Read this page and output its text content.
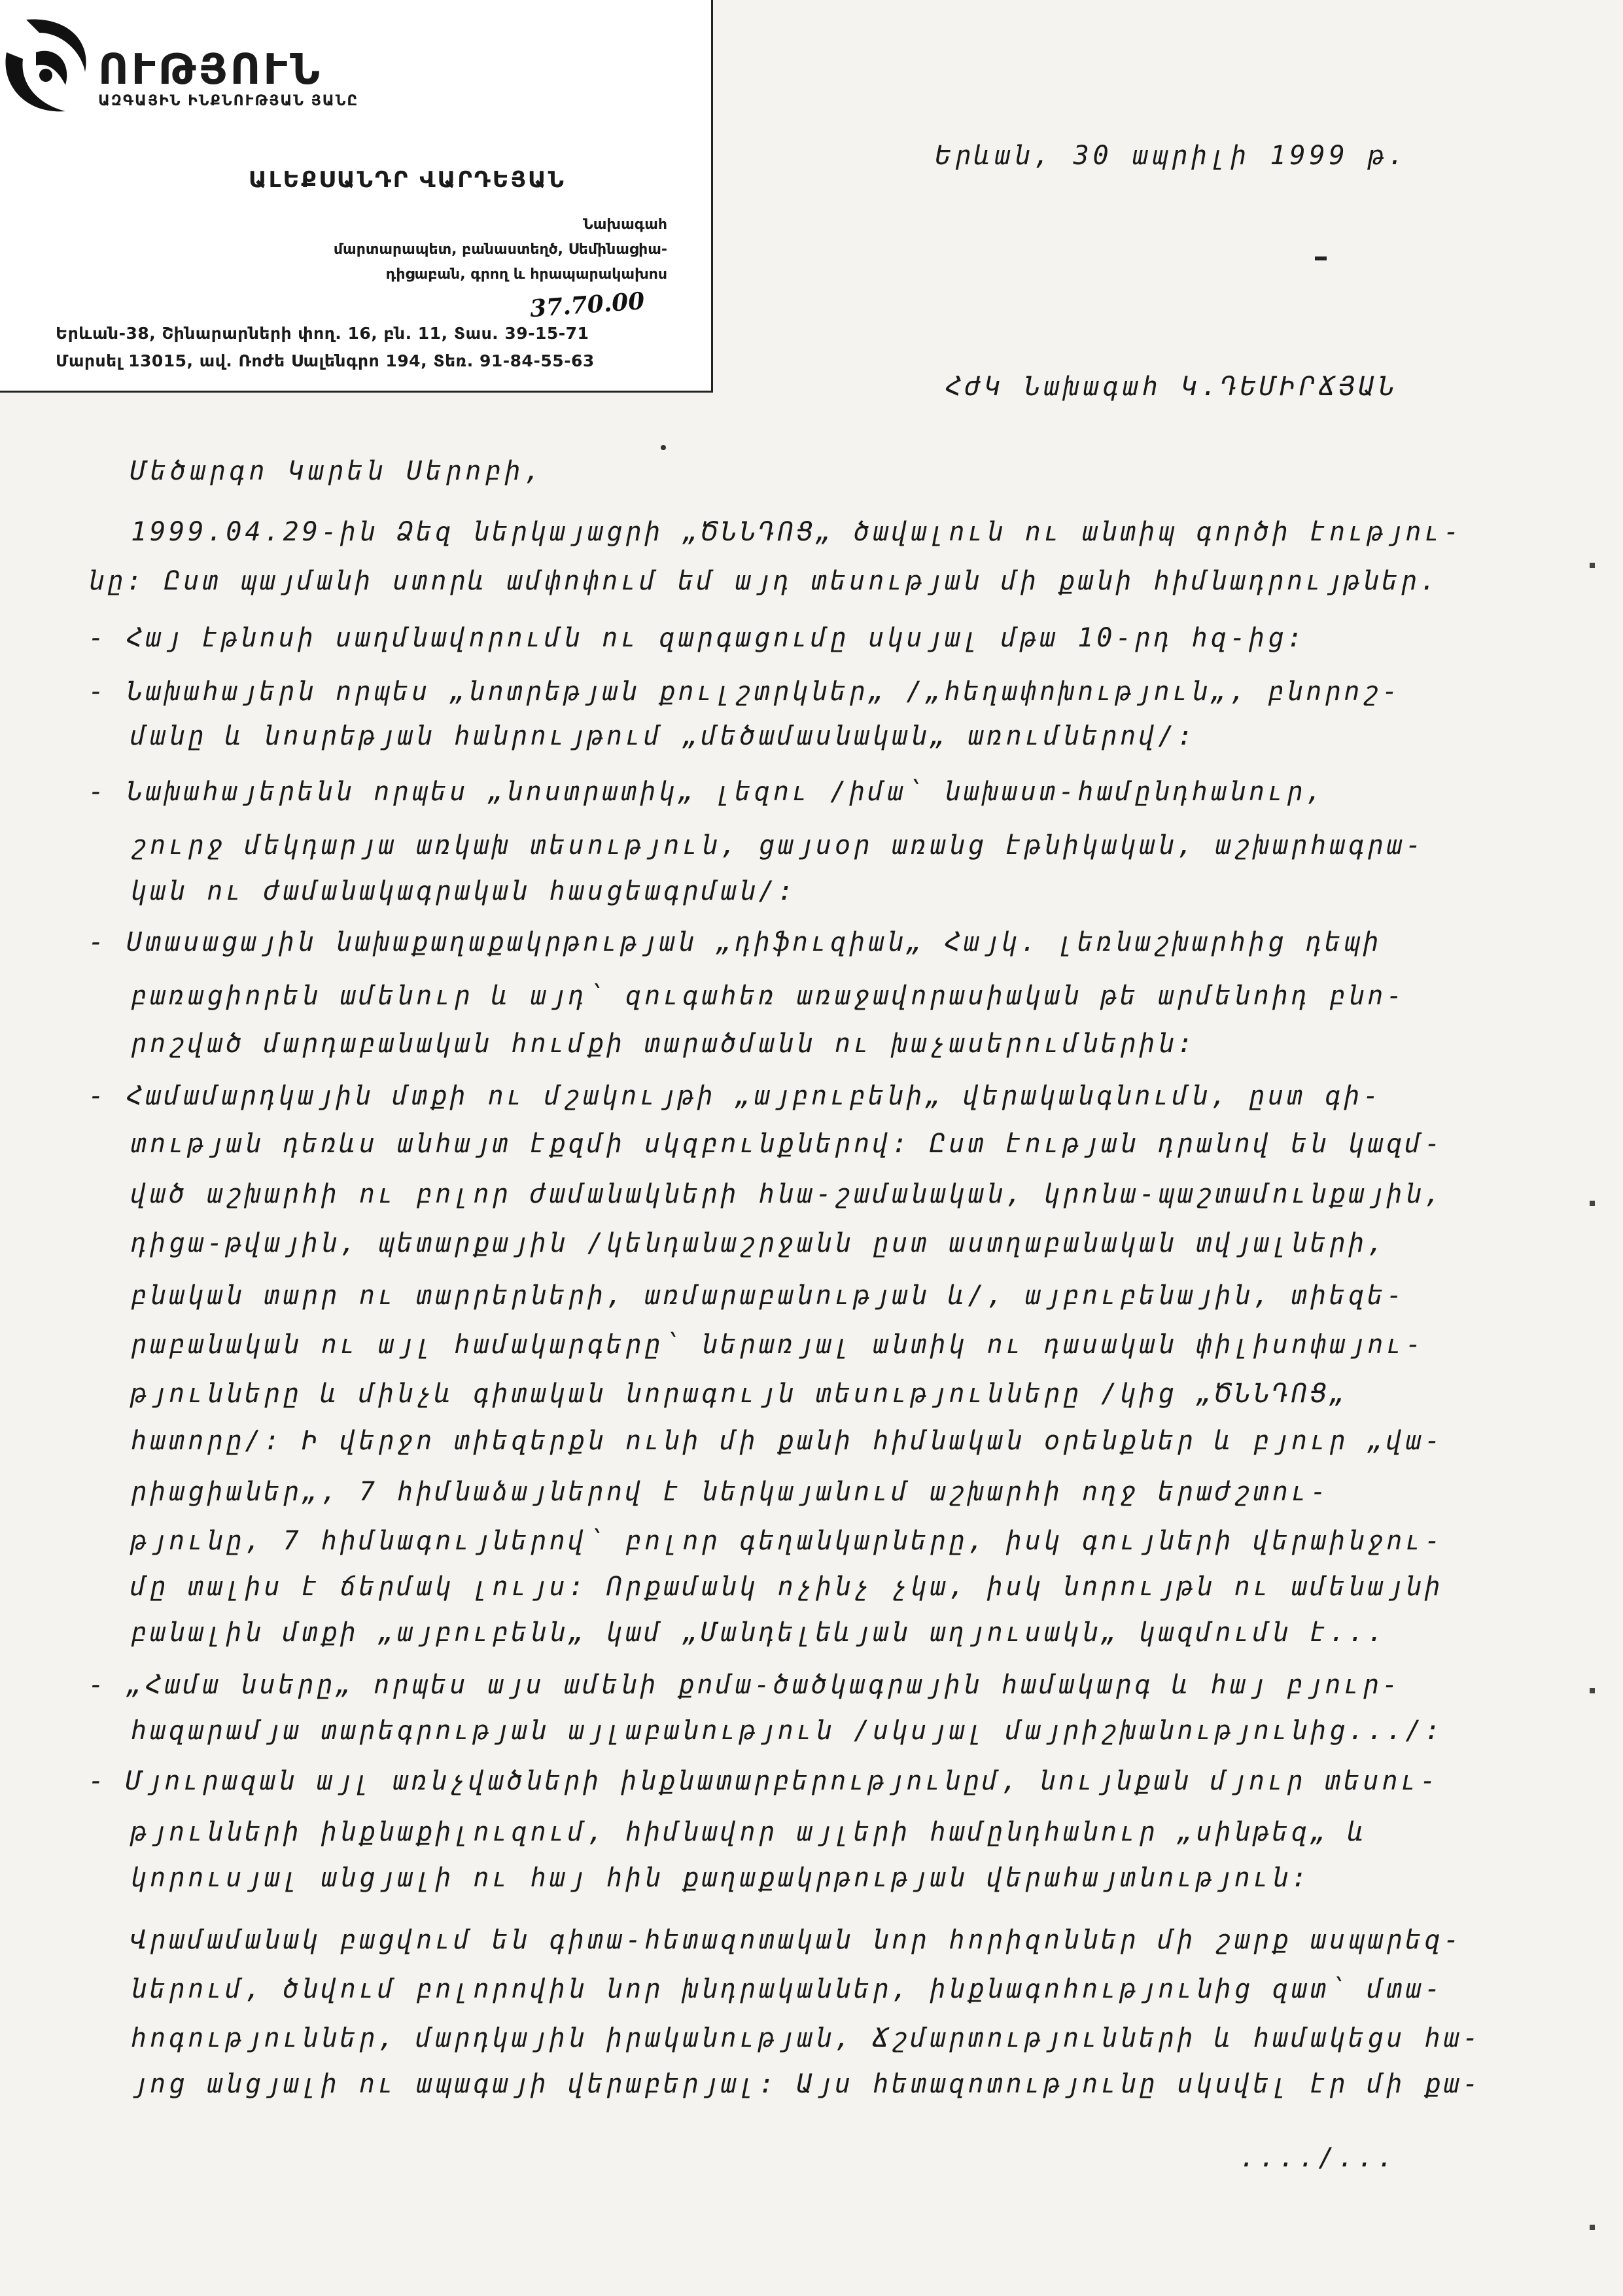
ՈՒԹՅՈՒՆ
ԱԶԳԱՅԻՆ ԻՆՔՆՈՒԹՅԱՆ ՅԱՆԸ
ԱԼԵՔՍԱՆԴՐ ՎԱՐԴԵՅԱՆ
Նախագահ
մարտարապետ, բանաստեղծ, Սեմինացիա-
դիցաբան, գրող և հրապարակախոս
37.70.00
Երևան-38, Շինարարների փող. 16, բն. 11, Տաս. 39-15-71
Մարսել 13015, ավ. Ռոժե Սալենգրո 194, Տեռ. 91-84-55-63
Երևան, 30 ապրիլի 1999 թ.
ՀԺԿ Նախագահ Կ.ԴԵՄԻՐՃՅԱՆ
Մեծարգո Կարեն Սերոբի,
1999.04.29-ին Ձեզ ներկայացրի „ԾՆՆԴՈՑ„ ծավալուն ու անտիպ գործի էությու-
նը: Ըստ պայմանի ստորև ամփոփում եմ այդ տեսության մի քանի հիմնադրույթներ.
- Հայ էթնոսի սաղմնավորումն ու զարգացումը սկսյալ մթա 10-րդ հզ-ից:
- Նախահայերն որպես „նոտրեթյան քուլշտրկներ„ /„հեղափոխություն„, բնորոշ-
մանը և նոսրեթյան հանրույթում „մեծամասնական„ առումներով/:
- Նախահայերենն որպես „նոստրատիկ„ լեզու /իմա՝ նախաստ-համընդհանուր,
շուրջ մեկդարյա առկախ տեսություն, ցայսօր առանց էթնիկական, աշխարհագրա-
կան ու ժամանակագրական հասցեագրման/:
- Ստասացային նախաքաղաքակրթության „դիֆուզիան„ Հայկ. լեռնաշխարհից դեպի
բառացիորեն ամենուր և այդ՝ զուգահեռ առաջավորասիական թե արմենոիդ բնո-
րոշված մարդաբանական հումքի տարածմանն ու խաչասերումներին:
- Համամարդկային մտքի ու մշակույթի „այբուբենի„ վերականգնումն, ըստ գի-
տության դեռևս անհայտ էքզմի սկզբունքներով: Ըստ էության դրանով են կազմ-
ված աշխարհի ու բոլոր ժամանակների հնա-շամանական, կրոնա-պաշտամունքային,
դիցա-թվային, պետարքային /կենդանաշրջանն ըստ աստղաբանական տվյալների,
բնական տարր ու տարրերների, առմարաբանության և/, այբուբենային, տիեզե-
րաբանական ու այլ համակարգերը՝ ներառյալ անտիկ ու դասական փիլիսոփայու-
թյունները և մինչև գիտական նորագույն տեսությունները /կից „ԾՆՆԴՈՑ„
հատորը/: Ի վերջո տիեզերքն ունի մի քանի հիմնական օրենքներ և բյուր „վա-
րիացիաներ„, 7 հիմնաձայներով է ներկայանում աշխարհի ողջ երաժշտու-
թյունը, 7 հիմնագույներով՝ բոլոր գեղանկարները, իսկ գույների վերաինջու-
մը տալիս է ճերմակ լույս: Որքամանկ ոչինչ չկա, իսկ նորույթն ու ամենայնի
բանալին մտքի „այբուբենն„ կամ „Մանդելեևյան աղյուսակն„ կազմումն է...
- „Համա նսերը„ որպես այս ամենի քոմա-ծածկագրային համակարգ և հայ բյուր-
հազարամյա տարեգրության այլաբանություն /սկսյալ մայրիշխանությունից.../:
- Մյուրազան այլ առնչվածների ինքնատարբերությունըմ, նույնքան մյուր տեսու-
թյունների ինքնաքիլուզում, հիմնավոր այլերի համընդհանուր „սինթեզ„ և
կորուսյալ անցյալի ու հայ հին քաղաքակրթության վերահայտնություն:
Վրամամանակ բացվում են գիտա-հետազոտական նոր հորիզոններ մի շարք ասպարեզ-
ներում, ծնվում բոլորովին նոր խնդրականներ, ինքնագոհությունից զատ՝ մտա-
հոգություններ, մարդկային իրականության, Ճշմարտությունների և համակեցս հա-
յոց անցյալի ու ապագայի վերաբերյալ: Այս հետազոտությունը սկսվել էր մի քա-
..../...
